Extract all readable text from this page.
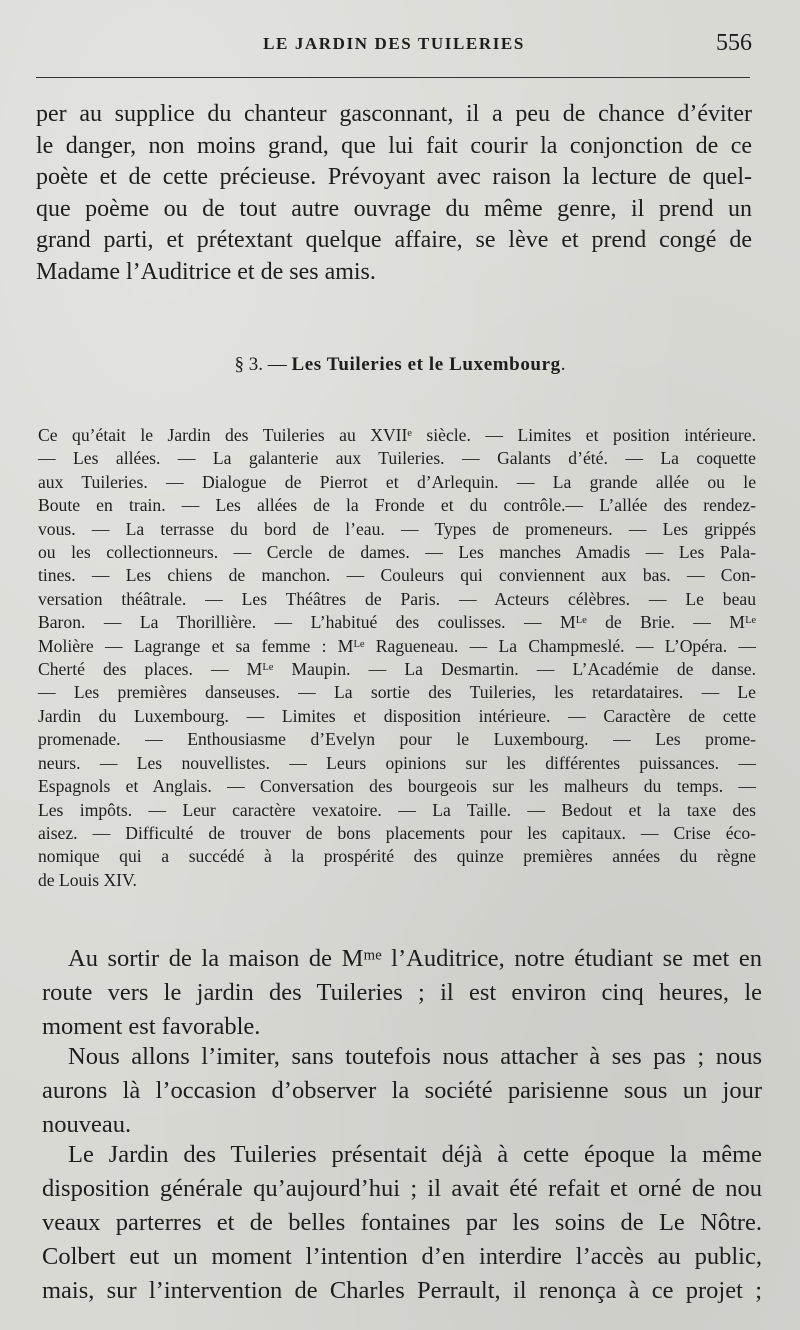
LE JARDIN DES TUILERIES	556
per au supplice du chanteur gasconnant, il a peu de chance d’éviter
le danger, non moins grand, que lui fait courir la conjonction de ce
poète et de cette précieuse. Prévoyant avec raison la lecture de quel-
que poème ou de tout autre ouvrage du même genre, il prend un
grand parti, et prétextant quelque affaire, se lève et prend congé de
Madame l’Auditrice et de ses amis.
§ 3. — Les Tuileries et le Luxembourg.
Ce qu’était le Jardin des Tuileries au XVIIᵉ siècle. — Limites et position intérieure.
— Les allées. — La galanterie aux Tuileries. — Galants d’été. — La coquette
aux Tuileries. — Dialogue de Pierrot et d’Arlequin. — La grande allée ou le
Boute en train. — Les allées de la Fronde et du contrôle.— L’allée des rendez-
vous. — La terrasse du bord de l’eau. — Types de promeneurs. — Les grippés
ou les collectionneurs. — Cercle de dames. — Les manches Amadis — Les Pala-
tines. — Les chiens de manchon. — Couleurs qui conviennent aux bas. — Con-
versation théâtrale. — Les Théâtres de Paris. — Acteurs célèbres. — Le beau
Baron. — La Thorillière. — L’habitué des coulisses. — Mᴸᵉ de Brie. — Mᴸᵉ
Molière — Lagrange et sa femme : Mᴸᵉ Ragueneau. — La Champmeslé. — L’Opéra. —
Cherté des places. — Mᴸᵉ Maupin. — La Desmartin. — L’Académie de danse.
— Les premières danseuses. — La sortie des Tuileries, les retardataires. — Le
Jardin du Luxembourg. — Limites et disposition intérieure. — Caractère de cette
promenade. — Enthousiasme d’Evelyn pour le Luxembourg. — Les prome-
neurs. — Les nouvellistes. — Leurs opinions sur les différentes puissances. —
Espagnols et Anglais. — Conversation des bourgeois sur les malheurs du temps. —
Les impôts. — Leur caractère vexatoire. — La Taille. — Bedout et la taxe des
aisez. — Difficulté de trouver de bons placements pour les capitaux. — Crise éco-
nomique qui a succédé à la prospérité des quinze premières années du règne
de Louis XIV.
Au sortir de la maison de Mᵐᵉ l’Auditrice, notre étudiant se met en
route vers le jardin des Tuileries ; il est environ cinq heures, le
moment est favorable.
Nous allons l’imiter, sans toutefois nous attacher à ses pas ; nous
aurons là l’occasion d’observer la société parisienne sous un jour
nouveau.
Le Jardin des Tuileries présentait déjà à cette époque la même
disposition générale qu’aujourd’hui ; il avait été refait et orné de nou
veaux parterres et de belles fontaines par les soins de Le Nôtre.
Colbert eut un moment l’intention d’en interdire l’accès au public,
mais, sur l’intervention de Charles Perrault, il renonça à ce projet ;
